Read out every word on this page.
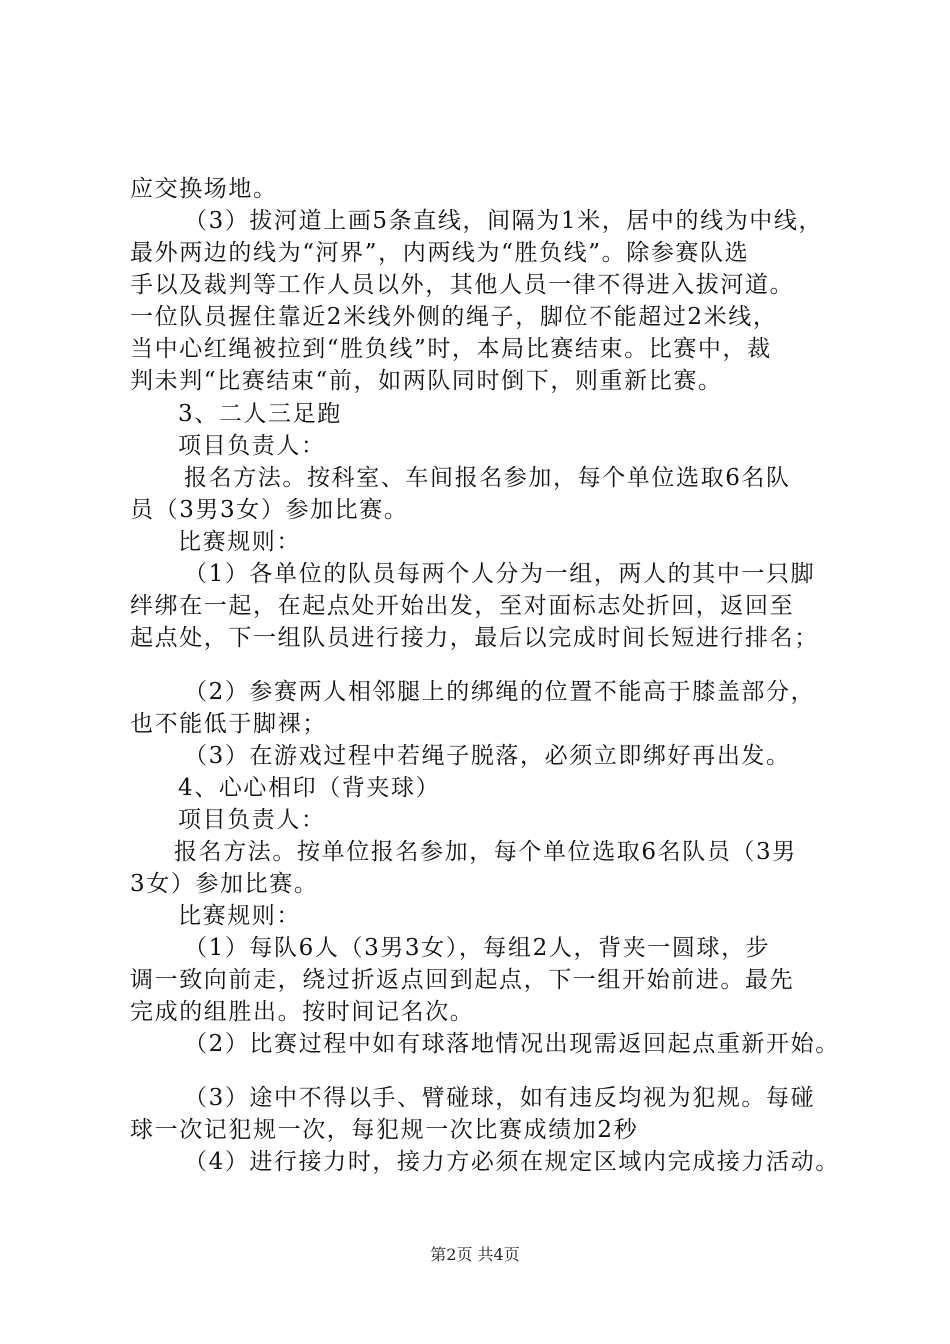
应交换场地。
（3）拔河道上画5条直线，间隔为1米，居中的线为中线，
最外两边的线为“河界”，内两线为“胜负线”。除参赛队选
手以及裁判等工作人员以外，其他人员一律不得进入拔河道。
一位队员握住靠近2米线外侧的绳子，脚位不能超过2米线，
当中心红绳被拉到“胜负线”时，本局比赛结束。比赛中，裁
判未判“比赛结束“前，如两队同时倒下，则重新比赛。
3、二人三足跑
项目负责人：
报名方法。按科室、车间报名参加，每个单位选取6名队
员（3男3女）参加比赛。
比赛规则：
（1）各单位的队员每两个人分为一组，两人的其中一只脚
绊绑在一起，在起点处开始出发，至对面标志处折回，返回至
起点处，下一组队员进行接力，最后以完成时间长短进行排名；
（2）参赛两人相邻腿上的绑绳的位置不能高于膝盖部分，
也不能低于脚裸；
（3）在游戏过程中若绳子脱落，必须立即绑好再出发。
4、心心相印（背夹球）
项目负责人：
报名方法。按单位报名参加，每个单位选取6名队员（3男
3女）参加比赛。
比赛规则：
（1）每队6人（3男3女），每组2人，背夹一圆球，步
调一致向前走，绕过折返点回到起点，下一组开始前进。最先
完成的组胜出。按时间记名次。
（2）比赛过程中如有球落地情况出现需返回起点重新开始。
（3）途中不得以手、臂碰球，如有违反均视为犯规。每碰
球一次记犯规一次，每犯规一次比赛成绩加2秒
（4）进行接力时，接力方必须在规定区域内完成接力活动。
第2页 共4页
